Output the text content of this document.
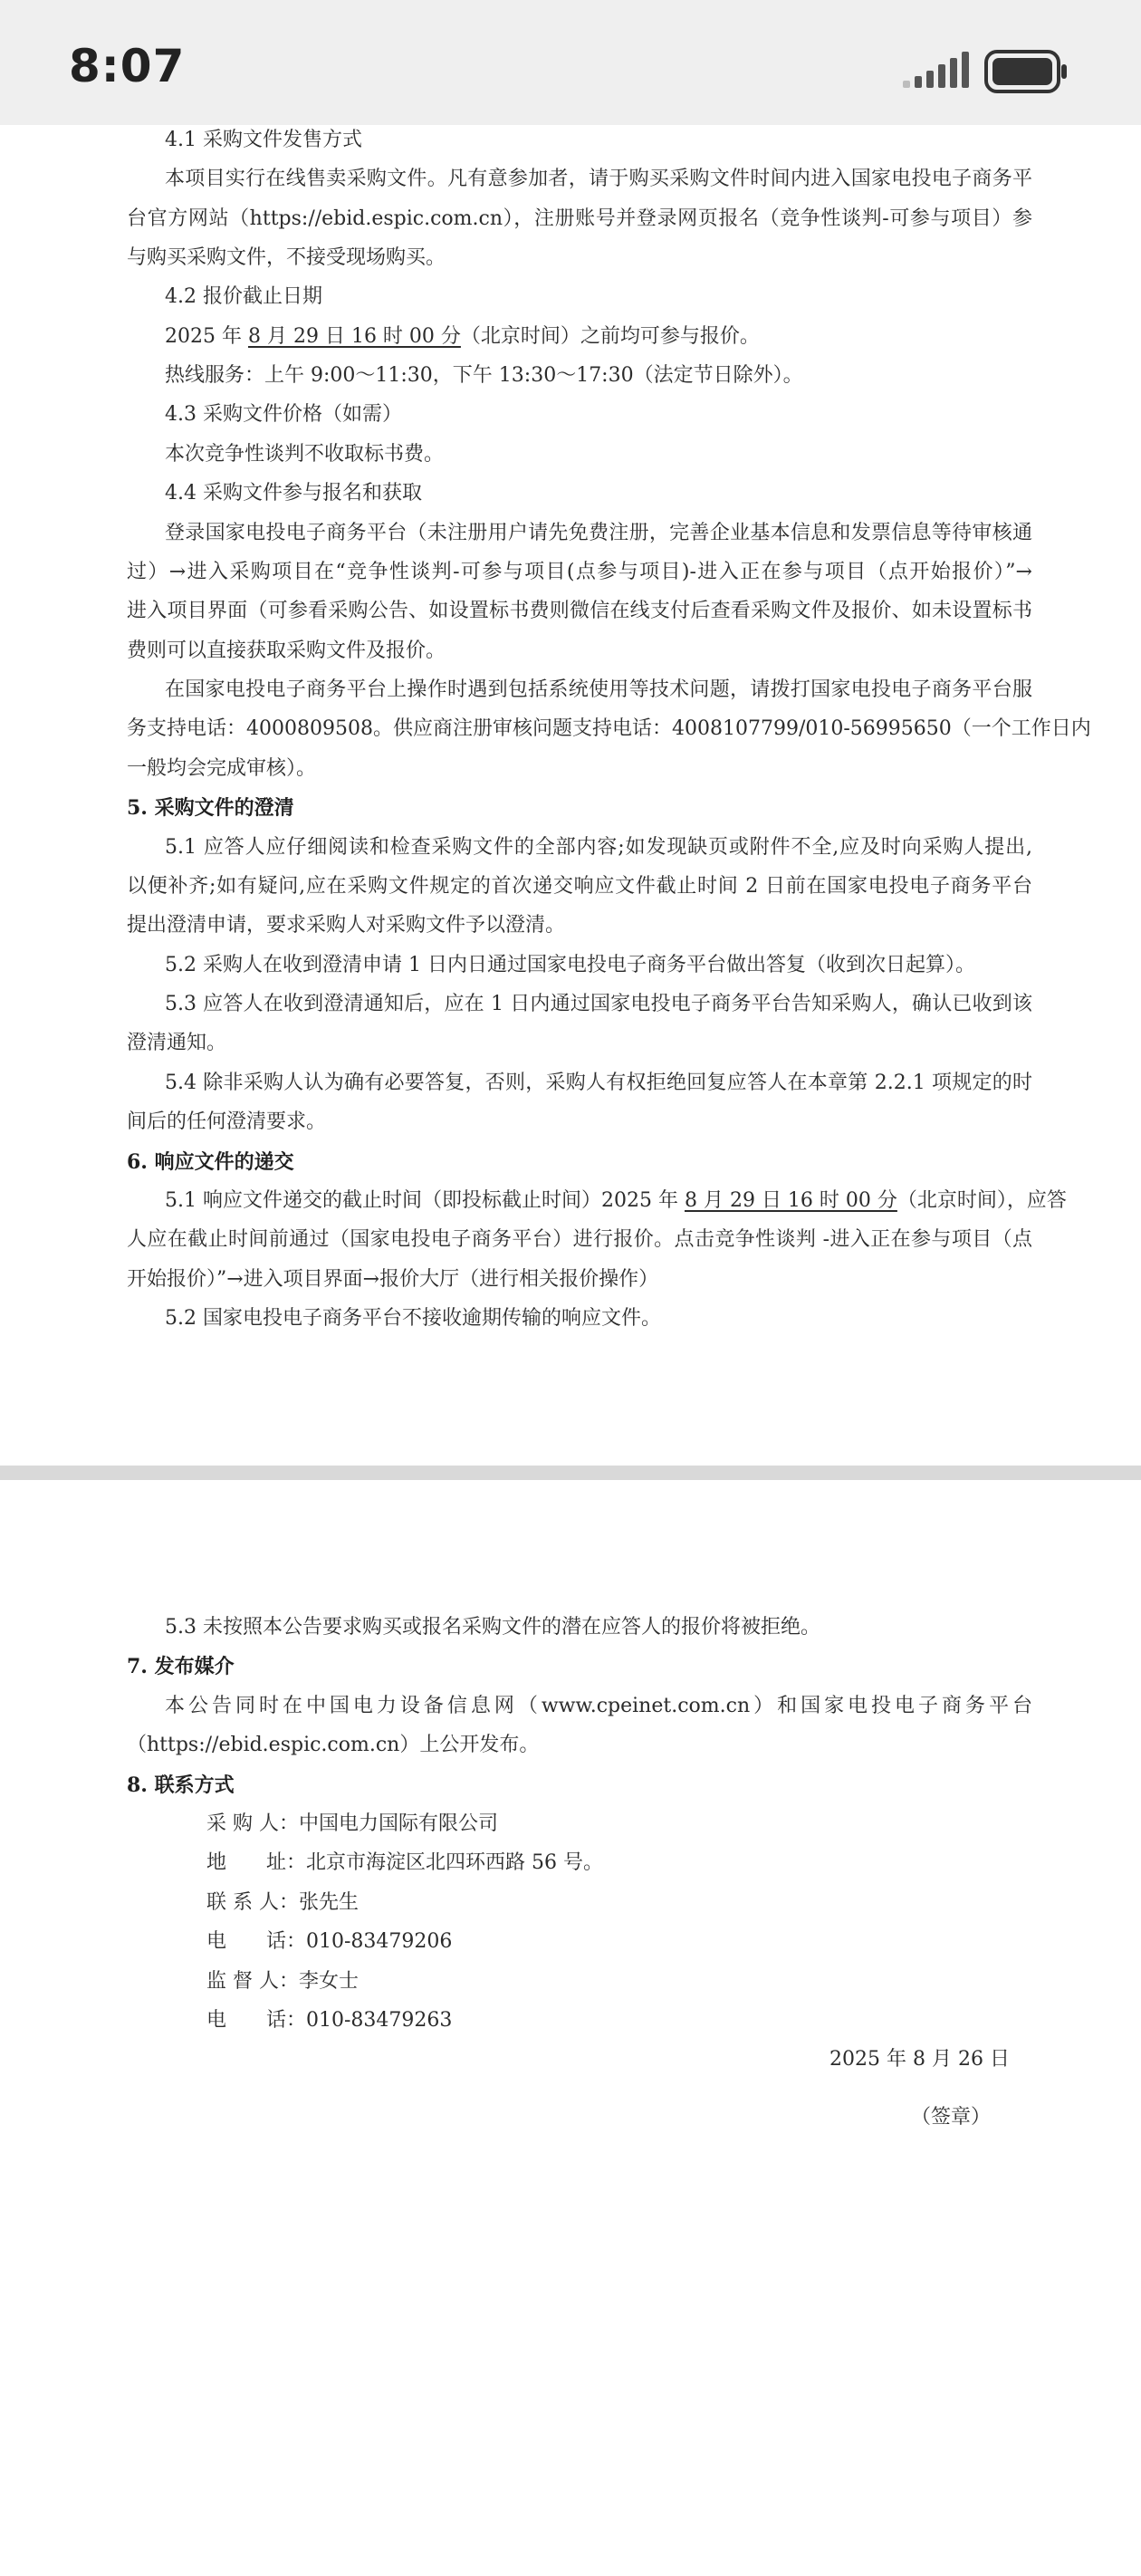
8:07
4.1 采购文件发售方式
本项目实行在线售卖采购文件。凡有意参加者，请于购买采购文件时间内进入国家电投电子商务平
台官方网站（https://ebid.espic.com.cn），注册账号并登录网页报名（竞争性谈判-可参与项目）参
与购买采购文件，不接受现场购买。
4.2 报价截止日期
2025 年 8 月 29 日 16 时 00 分（北京时间）之前均可参与报价。
热线服务：上午 9:00～11:30，下午 13:30～17:30（法定节日除外）。
4.3 采购文件价格（如需）
本次竞争性谈判不收取标书费。
4.4 采购文件参与报名和获取
登录国家电投电子商务平台（未注册用户请先免费注册，完善企业基本信息和发票信息等待审核通
过）→进入采购项目在“竞争性谈判-可参与项目(点参与项目)-进入正在参与项目（点开始报价）”→
进入项目界面（可参看采购公告、如设置标书费则微信在线支付后查看采购文件及报价、如未设置标书
费则可以直接获取采购文件及报价。
在国家电投电子商务平台上操作时遇到包括系统使用等技术问题，请拨打国家电投电子商务平台服
务支持电话：4000809508。供应商注册审核问题支持电话：4008107799/010-56995650（一个工作日内
一般均会完成审核）。
5. 采购文件的澄清
5.1 应答人应仔细阅读和检查采购文件的全部内容;如发现缺页或附件不全,应及时向采购人提出,
以便补齐;如有疑问,应在采购文件规定的首次递交响应文件截止时间 2 日前在国家电投电子商务平台
提出澄清申请，要求采购人对采购文件予以澄清。
5.2 采购人在收到澄清申请 1 日内日通过国家电投电子商务平台做出答复（收到次日起算）。
5.3 应答人在收到澄清通知后，应在 1 日内通过国家电投电子商务平台告知采购人，确认已收到该
澄清通知。
5.4 除非采购人认为确有必要答复，否则，采购人有权拒绝回复应答人在本章第 2.2.1 项规定的时
间后的任何澄清要求。
6. 响应文件的递交
5.1 响应文件递交的截止时间（即投标截止时间）2025 年 8 月 29 日 16 时 00 分（北京时间），应答
人应在截止时间前通过（国家电投电子商务平台）进行报价。点击竞争性谈判 -进入正在参与项目（点
开始报价）”→进入项目界面→报价大厅（进行相关报价操作）
5.2 国家电投电子商务平台不接收逾期传输的响应文件。
5.3 未按照本公告要求购买或报名采购文件的潜在应答人的报价将被拒绝。
7. 发布媒介
本公告同时在中国电力设备信息网（www.cpeinet.com.cn）和国家电投电子商务平台
（https://ebid.espic.com.cn）上公开发布。
8. 联系方式
采 购 人：中国电力国际有限公司
地　　址：北京市海淀区北四环西路 56 号。
联 系 人：张先生
电　　话：010-83479206
监 督 人：李女士
电　　话：010-83479263
2025 年 8 月 26 日
（签章）
